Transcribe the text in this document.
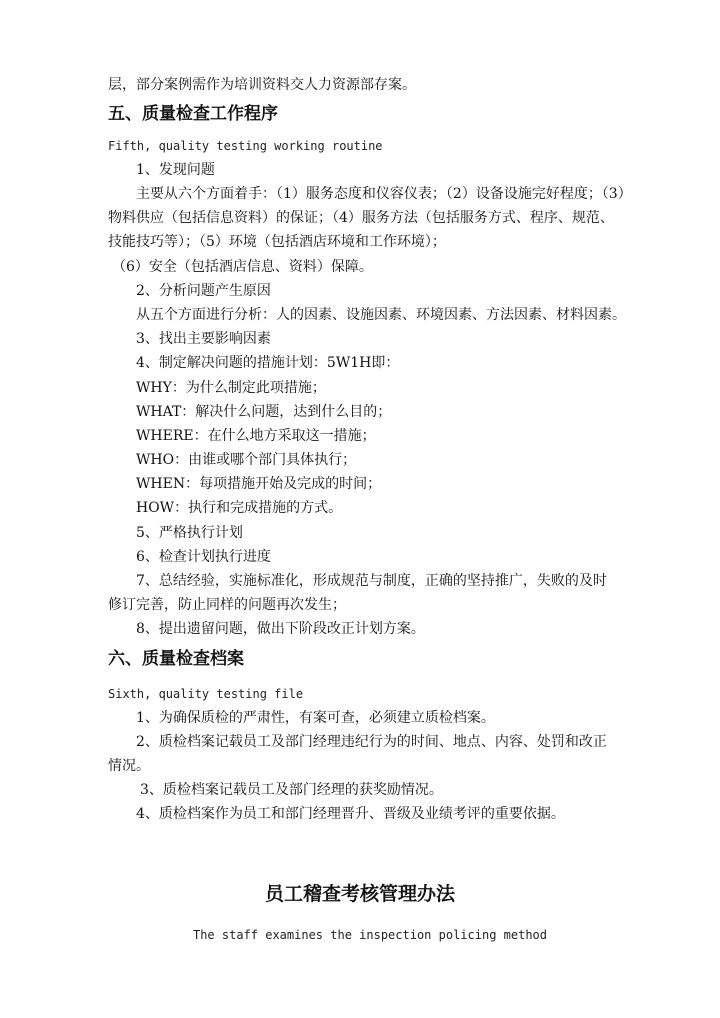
层，部分案例需作为培训资料交人力资源部存案。
五、质量检查工作程序
Fifth, quality testing working routine
1、发现问题
主要从六个方面着手：（1）服务态度和仪容仪表；（2）设备设施完好程度；（3）
物料供应（包括信息资料）的保证；（4）服务方法（包括服务方式、程序、规范、
技能技巧等）；（5）环境（包括酒店环境和工作环境）；
（6）安全（包括酒店信息、资料）保障。
2、分析问题产生原因
从五个方面进行分析：人的因素、设施因素、环境因素、方法因素、材料因素。
3、找出主要影响因素
4、制定解决问题的措施计划：5W1H即：
WHY：为什么制定此项措施；
WHAT：解决什么问题，达到什么目的；
WHERE：在什么地方采取这一措施；
WHO：由谁或哪个部门具体执行；
WHEN：每项措施开始及完成的时间；
HOW：执行和完成措施的方式。
5、严格执行计划
6、检查计划执行进度
7、总结经验，实施标准化，形成规范与制度，正确的坚持推广，失败的及时
修订完善，防止同样的问题再次发生；
8、提出遗留问题，做出下阶段改正计划方案。
六、质量检查档案
Sixth, quality testing file
1、为确保质检的严肃性，有案可查，必须建立质检档案。
2、质检档案记载员工及部门经理违纪行为的时间、地点、内容、处罚和改正
情况。
3、质检档案记载员工及部门经理的获奖励情况。
4、质检档案作为员工和部门经理晋升、晋级及业绩考评的重要依据。
员工稽查考核管理办法
The staff examines the inspection policing method
